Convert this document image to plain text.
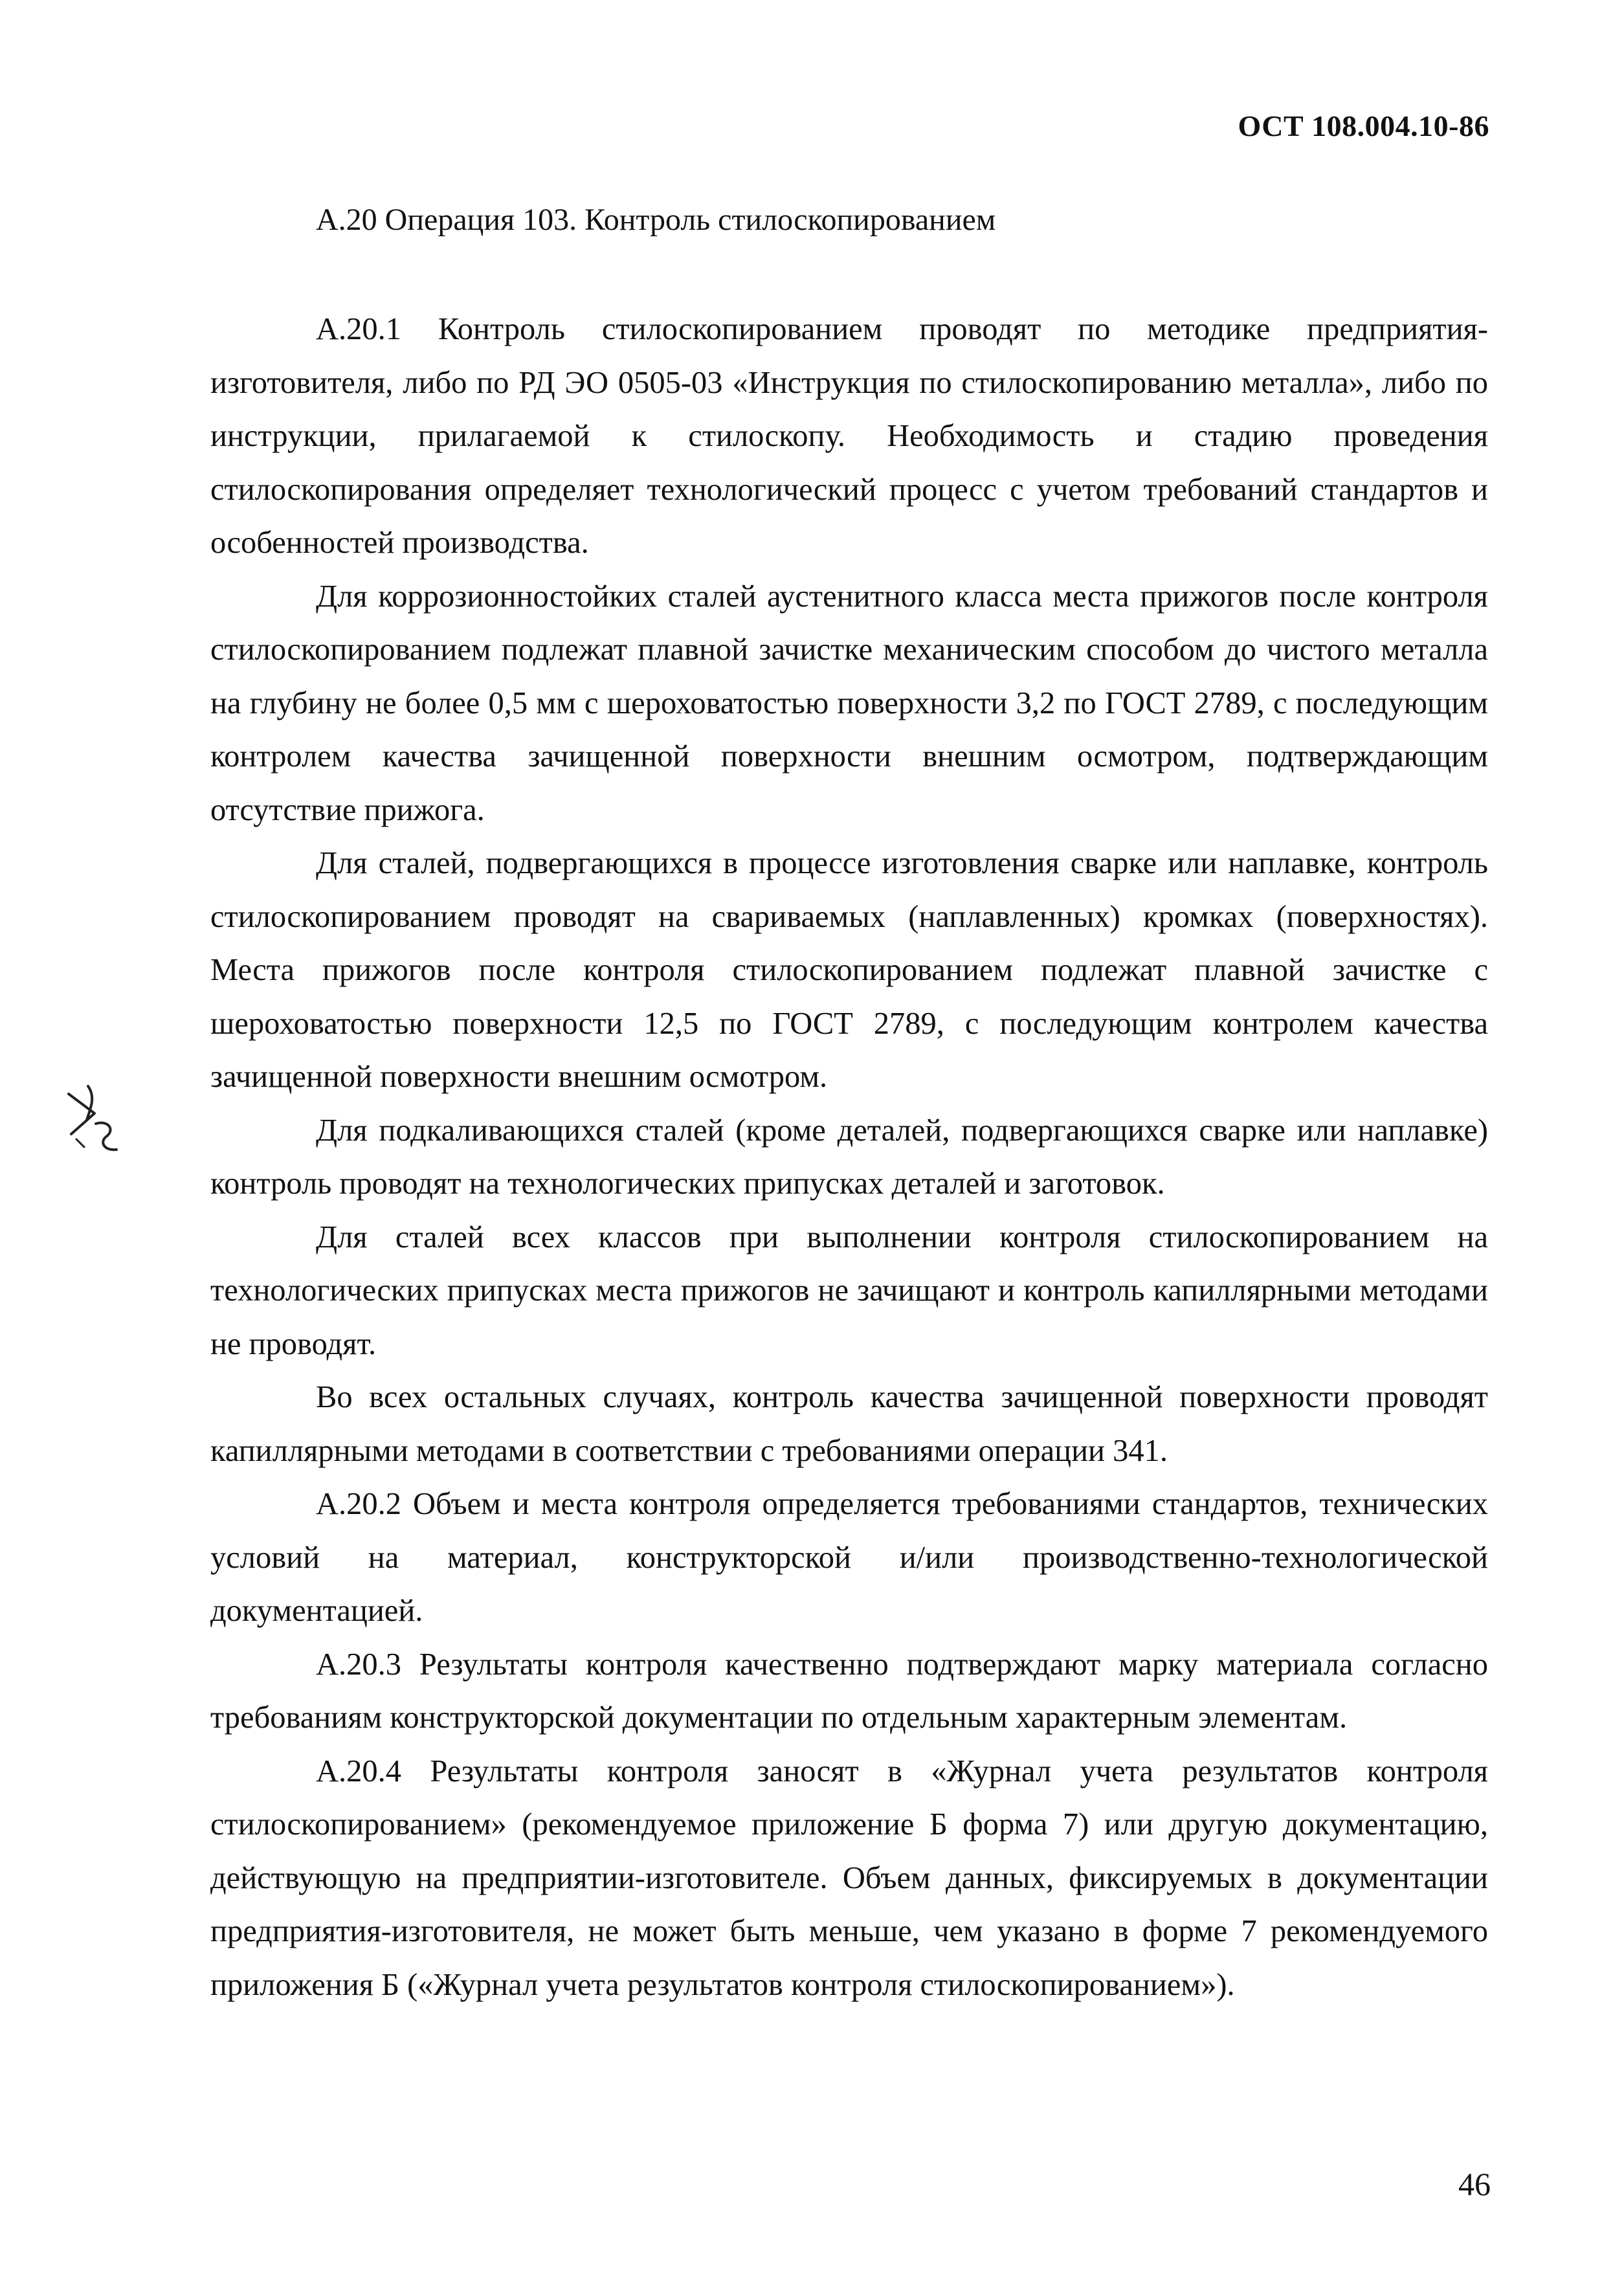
ОСТ 108.004.10-86
А.20 Операция 103. Контроль стилоскопированием

А.20.1 Контроль стилоскопированием проводят по методике предприятия-изготовителя, либо по РД ЭО 0505-03 «Инструкция по стилоскопированию металла», либо по инструкции, прилагаемой к стилоскопу. Необходимость и стадию проведения стилоскопирования определяет технологический процесс с учетом требований стандартов и особенностей производства.

Для коррозионностойких сталей аустенитного класса места прижогов после контроля стилоскопированием подлежат плавной зачистке механическим способом до чистого металла на глубину не более 0,5 мм с шероховатостью поверхности 3,2 по ГОСТ 2789, с последующим контролем качества зачищенной поверхности внешним осмотром, подтверждающим отсутствие прижога.

Для сталей, подвергающихся в процессе изготовления сварке или наплавке, контроль стилоскопированием проводят на свариваемых (наплавленных) кромках (поверхностях). Места прижогов после контроля стилоскопированием подлежат плавной зачистке с шероховатостью поверхности 12,5 по ГОСТ 2789, с последующим контролем качества зачищенной поверхности внешним осмотром.

Для подкаливающихся сталей (кроме деталей, подвергающихся сварке или наплавке) контроль проводят на технологических припусках деталей и заготовок.

Для сталей всех классов при выполнении контроля стилоскопированием на технологических припусках места прижогов не зачищают и контроль капиллярными методами не проводят.

Во всех остальных случаях, контроль качества зачищенной поверхности проводят капиллярными методами в соответствии с требованиями операции 341.

А.20.2 Объем и места контроля определяется требованиями стандартов, технических условий на материал, конструкторской и/или производственно-технологической документацией.

А.20.3 Результаты контроля качественно подтверждают марку материала согласно требованиям конструкторской документации по отдельным характерным элементам.

А.20.4 Результаты контроля заносят в «Журнал учета результатов контроля стилоскопированием» (рекомендуемое приложение Б форма 7) или другую документацию, действующую на предприятии-изготовителе. Объем данных, фиксируемых в документации предприятия-изготовителя, не может быть меньше, чем указано в форме 7 рекомендуемого приложения Б («Журнал учета результатов контроля стилоскопированием»).

46
